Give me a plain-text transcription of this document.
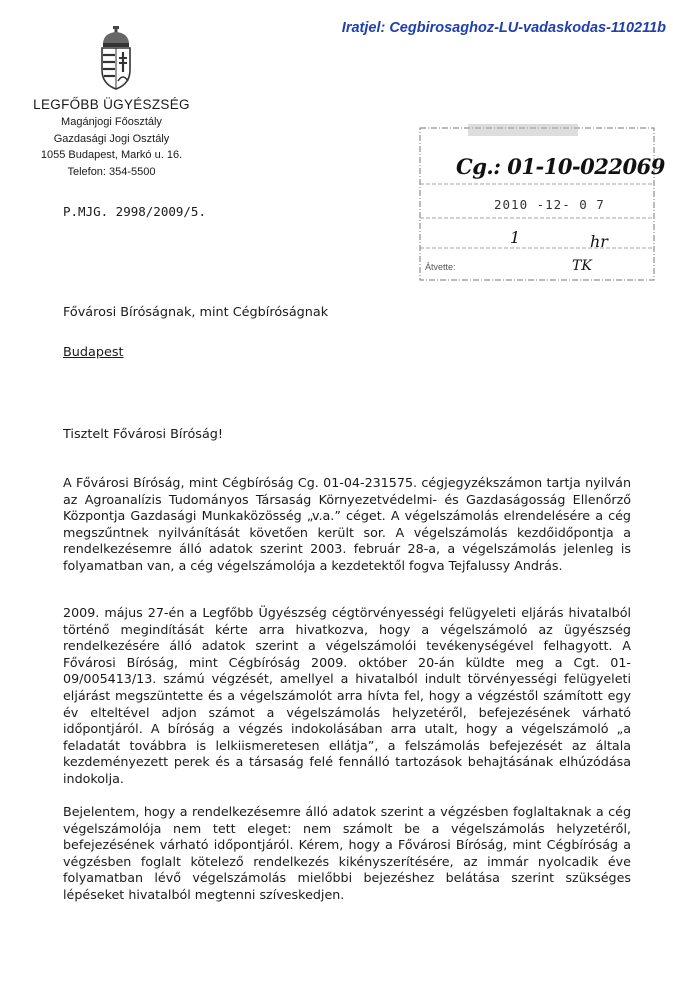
Iratjel: Cegbirosaghoz-LU-vadaskodas-110211b
LEGFŐBB ÜGYÉSZSÉG
Magánjogi Főosztály
Gazdasági Jogi Osztály
1055 Budapest, Markó u. 16.
Telefon: 354-5500
P.MJG. 2998/2009/5.
Cg.: 01-10-022069
2010 -12- 0 7
1	hr
Átvette:	TK
Fővárosi Bíróságnak, mint Cégbíróságnak
Budapest
Tisztelt Fővárosi Bíróság!

A Fővárosi Bíróság, mint Cégbíróság Cg. 01-04-231575. cégjegyzékszámon tartja nyilván az Agroanalízis Tudományos Társaság Környezetvédelmi- és Gazdaságosság Ellenőrző Központja Gazdasági Munkaközösség „v.a.” céget. A végelszámolás elrendelésére a cég megszűntnek nyilvánítását követően került sor. A végelszámolás kezdőidőpontja a rendelkezésemre álló adatok szerint 2003. február 28-a, a végelszámolás jelenleg is folyamatban van, a cég végelszámolója a kezdetektől fogva Tejfalussy András.

2009. május 27-én a Legfőbb Ügyészség cégtörvényességi felügyeleti eljárás hivatalból történő megindítását kérte arra hivatkozva, hogy a végelszámoló az ügyészség rendelkezésére álló adatok szerint a végelszámolói tevékenységével felhagyott. A Fővárosi Bíróság, mint Cégbíróság 2009. október 20-án küldte meg a Cgt. 01-09/005413/13. számú végzését, amellyel a hivatalból indult törvényességi felügyeleti eljárást megszüntette és a végelszámolót arra hívta fel, hogy a végzéstől számított egy év elteltével adjon számot a végelszámolás helyzetéről, befejezésének várható időpontjáról. A bíróság a végzés indokolásában arra utalt, hogy a végelszámoló „a feladatát továbbra is lelkiismeretesen ellátja”, a felszámolás befejezését az általa kezdeményezett perek és a társaság felé fennálló tartozások behajtásának elhúzódása indokolja.

Bejelentem, hogy a rendelkezésemre álló adatok szerint a végzésben foglaltaknak a cég végelszámolója nem tett eleget: nem számolt be a végelszámolás helyzetéről, befejezésének várható időpontjáról. Kérem, hogy a Fővárosi Bíróság, mint Cégbíróság a végzésben foglalt kötelező rendelkezés kikényszerítésére, az immár nyolcadik éve folyamatban lévő végelszámolás mielőbbi bejezéshez belátása szerint szükséges lépéseket hivatalból megtenni szíveskedjen.
